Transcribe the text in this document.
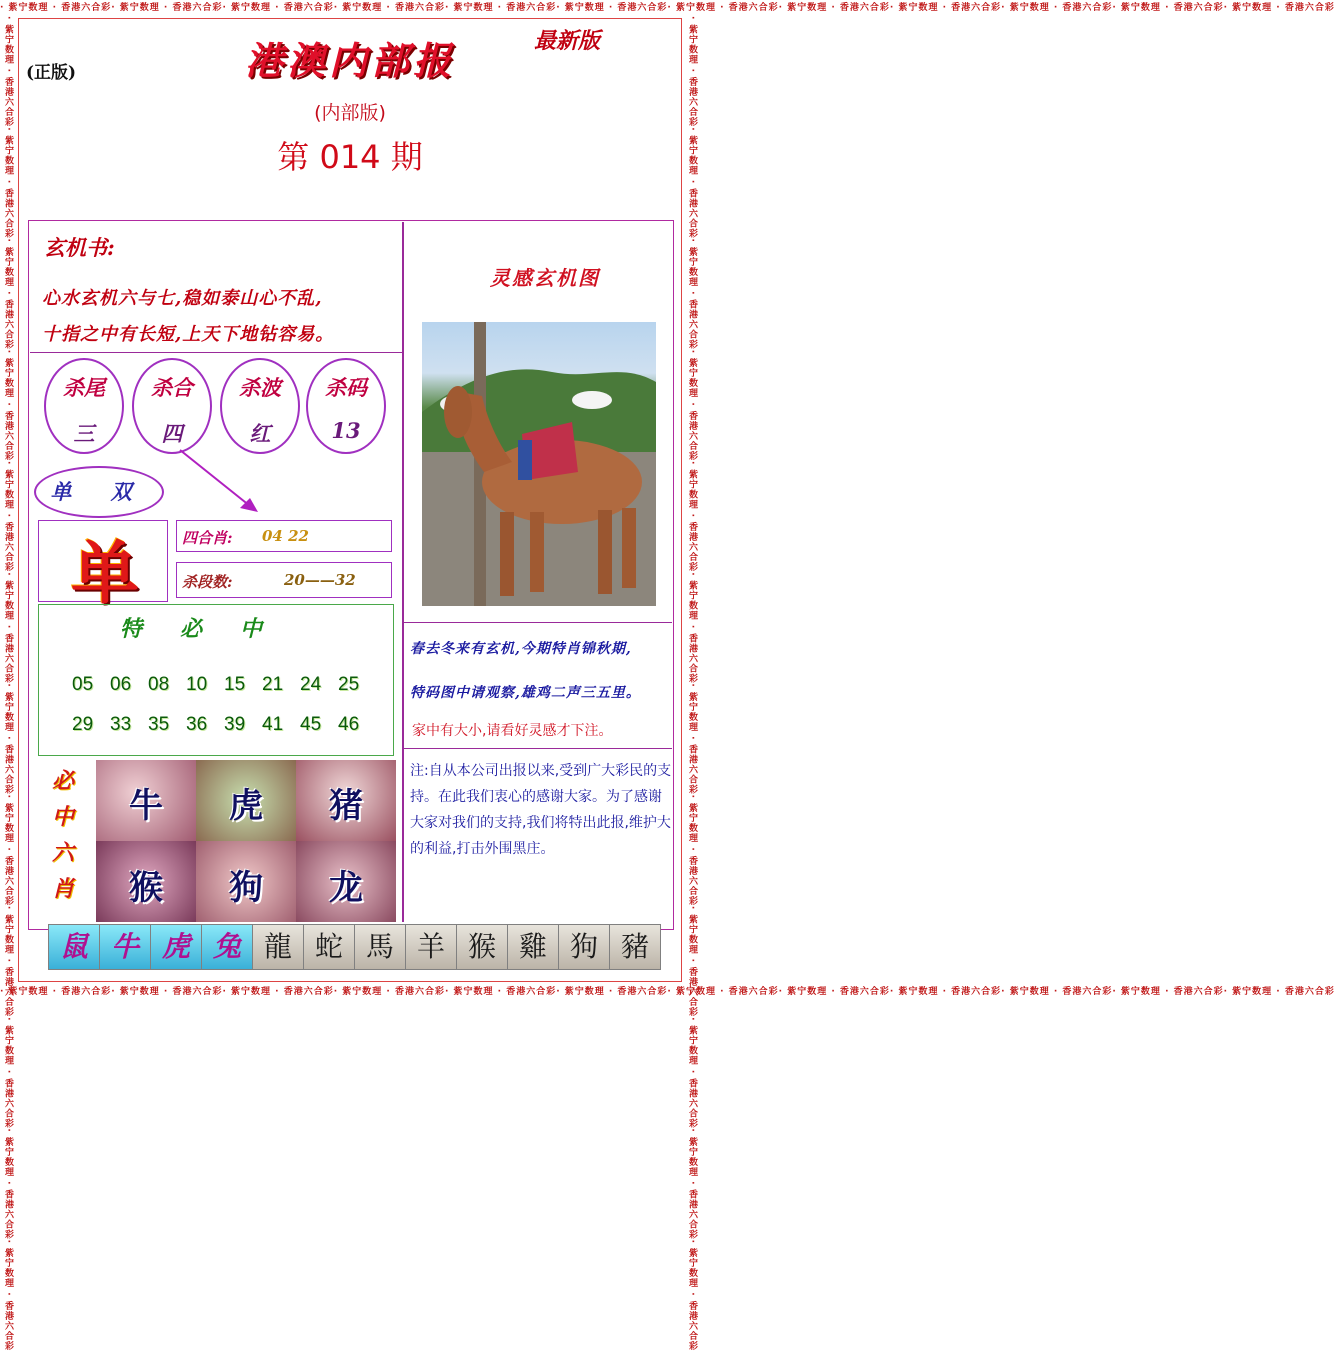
· 紫宁数理 · 香港六合彩· 紫宁数理 · 香港六合彩· 紫宁数理 · 香港六合彩· 紫宁数理 · 香港六合彩· 紫宁数理 · 香港六合彩· 紫宁数理 · 香港六合彩· 紫宁数理 · 香港六合彩· 紫宁数理 · 香港六合彩· 紫宁数理 · 香港六合彩· 紫宁数理 · 香港六合彩· 紫宁数理 · 香港六合彩· 紫宁数理 · 香港六合彩
· 紫宁数理 · 香港六合彩· 紫宁数理 · 香港六合彩· 紫宁数理 · 香港六合彩· 紫宁数理 · 香港六合彩· 紫宁数理 · 香港六合彩· 紫宁数理 · 香港六合彩· 紫宁数理 · 香港六合彩· 紫宁数理 · 香港六合彩· 紫宁数理 · 香港六合彩· 紫宁数理 · 香港六合彩· 紫宁数理 · 香港六合彩· 紫宁数理 · 香港六合彩
· 紫宁数理 · 香港六合彩· 紫宁数理 · 香港六合彩· 紫宁数理 · 香港六合彩· 紫宁数理 · 香港六合彩· 紫宁数理 · 香港六合彩· 紫宁数理 · 香港六合彩· 紫宁数理 · 香港六合彩· 紫宁数理 · 香港六合彩· 紫宁数理 · 香港六合彩· 紫宁数理 · 香港六合彩· 紫宁数理 · 香港六合彩· 紫宁数理 · 香港六合彩	· 紫宁数理 · 香港六合彩· 紫宁数理 · 香港六合彩· 紫宁数理 · 香港六合彩· 紫宁数理 · 香港六合彩· 紫宁数理 · 香港六合彩· 紫宁数理 · 香港六合彩· 紫宁数理 · 香港六合彩· 紫宁数理 · 香港六合彩· 紫宁数理 · 香港六合彩· 紫宁数理 · 香港六合彩· 紫宁数理 · 香港六合彩· 紫宁数理 · 香港六合彩
(正版)
最新版
港澳内部报
(内部版)
第 014 期
玄机书:
心水玄机六与七,稳如泰山心不乱,
十指之中有长短,上天下地钻容易。
杀尾
三
杀合
四
杀波
红
杀码
13
单 双
单	四合肖: 04 22
杀段数:	20——32
特必中
05 06 08 10 15 21 24 25
29 33 35 36 39 41 45 46
必
中
六
肖
牛	虎	猪
猴	狗	龙
灵感玄机图
春去冬来有玄机,今期特肖锦秋期,
特码图中请观察,雄鸡二声三五里。
家中有大小,请看好灵感才下注。
注:自从本公司出报以来,受到广大彩民的支持。在此我们衷心的感谢大家。为了感谢大家对我们的支持,我们将特出此报,维护大的利益,打击外围黑庄。
鼠 牛 虎 兔 龍 蛇 馬 羊 猴 雞 狗 豬
